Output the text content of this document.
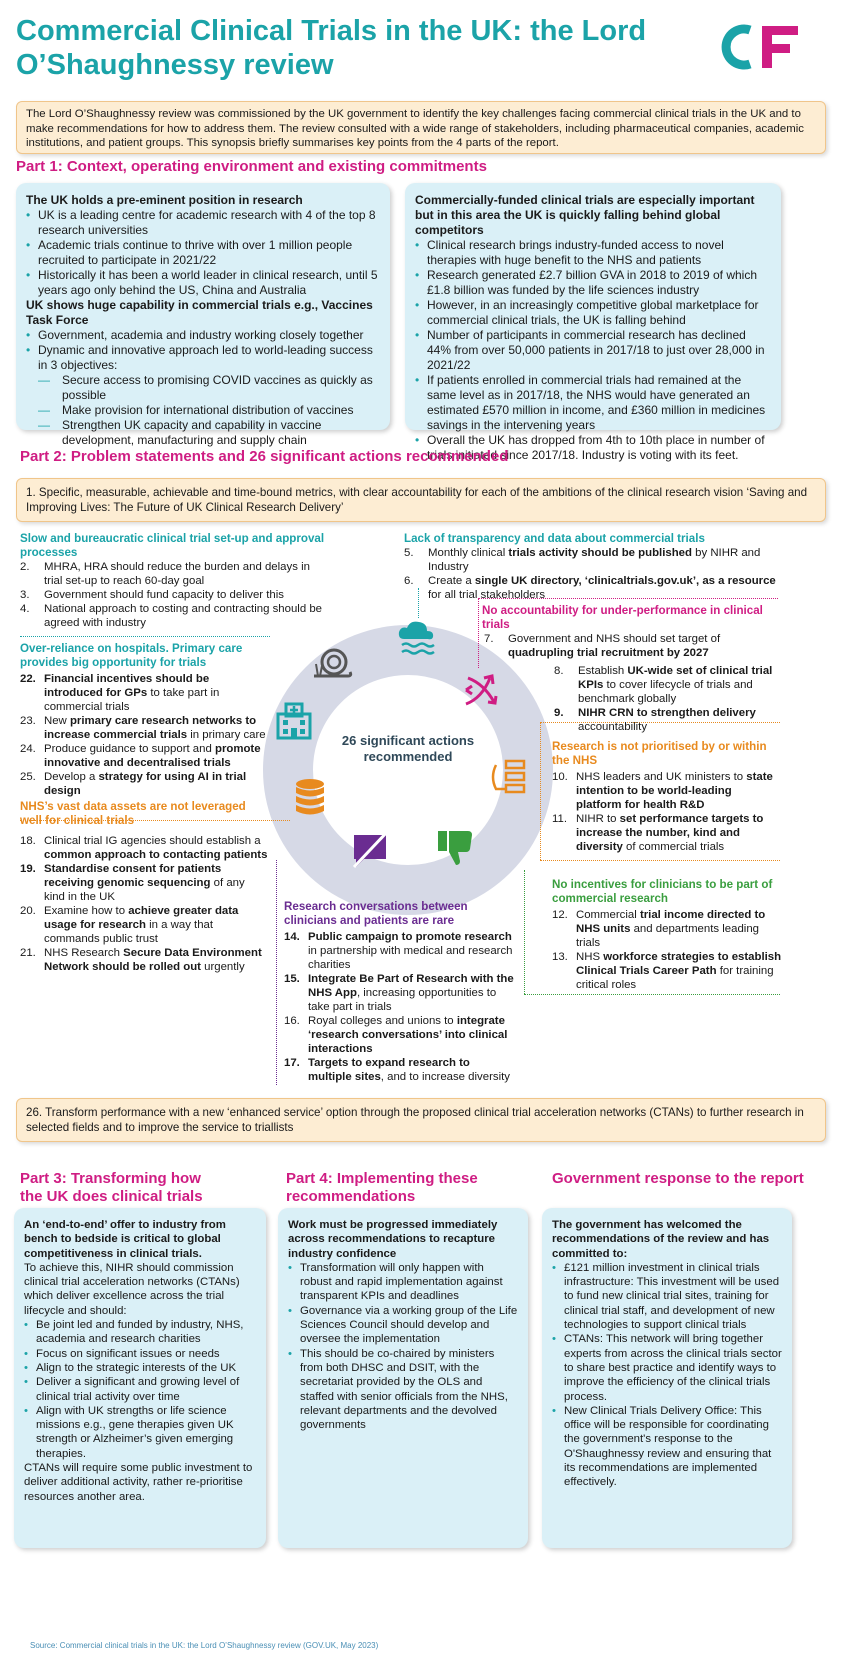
Commercial Clinical Trials in the UK: the Lord
O’Shaughnessy review
The Lord O’Shaughnessy review was commissioned by the UK government to identify the key challenges facing commercial clinical trials in the UK and to make recommendations for how to address them. The review consulted with a wide range of stakeholders, including pharmaceutical companies, academic institutions, and patient groups. This synopsis briefly summarises key points from the 4 parts of the report.
Part 1: Context, operating environment and existing commitments
The UK holds a pre-eminent position in research
• UK is a leading centre for academic research with 4 of the top 8 research universities
• Academic trials continue to thrive with over 1 million people recruited to participate in 2021/22
• Historically it has been a world leader in clinical research, until 5 years ago only behind the US, China and Australia
UK shows huge capability in commercial trials e.g., Vaccines Task Force
• Government, academia and industry working closely together
• Dynamic and innovative approach led to world-leading success in 3 objectives:
— Secure access to promising COVID vaccines as quickly as possible
— Make provision for international distribution of vaccines
— Strengthen UK capacity and capability in vaccine development, manufacturing and supply chain
Commercially-funded clinical trials are especially important but in this area the UK is quickly falling behind global competitors
• Clinical research brings industry-funded access to novel therapies with huge benefit to the NHS and patients
• Research generated £2.7 billion GVA in 2018 to 2019 of which £1.8 billion was funded by the life sciences industry
• However, in an increasingly competitive global marketplace for commercial clinical trials, the UK is falling behind
• Number of participants in commercial research has declined 44% from over 50,000 patients in 2017/18 to just over 28,000 in 2021/22
• If patients enrolled in commercial trials had remained at the same level as in 2017/18, the NHS would have generated an estimated £570 million in income, and £360 million in medicines savings in the intervening years
• Overall the UK has dropped from 4th to 10th place in number of trials initiated since 2017/18. Industry is voting with its feet.
Part 2: Problem statements and 26 significant actions recommended
1. Specific, measurable, achievable and time-bound metrics, with clear accountability for each of the ambitions of the clinical research vision ‘Saving and Improving Lives: The Future of UK Clinical Research Delivery’
26 significant actions recommended
Slow and bureaucratic clinical trial set-up and approval processes
2.	MHRA, HRA should reduce the burden and delays in trial set-up to reach 60-day goal
3.	Government should fund capacity to deliver this
4.	National approach to costing and contracting should be agreed with industry
Lack of transparency and data about commercial trials
5.	Monthly clinical trials activity should be published by NIHR and Industry
6.	Create a single UK directory, ‘clinicaltrials.gov.uk’, as a resource for all trial stakeholders
No accountability for under-performance in clinical trials
7.	Government and NHS should set target of quadrupling trial recruitment by 2027
8.	Establish UK-wide set of clinical trial KPIs to cover lifecycle of trials and benchmark globally
9.	NIHR CRN to strengthen delivery accountability
Over-reliance on hospitals. Primary care provides big opportunity for trials
22. Financial incentives should be introduced for GPs to take part in commercial trials
23. New primary care research networks to increase commercial trials in primary care
24. Produce guidance to support and promote innovative and decentralised trials
25. Develop a strategy for using AI in trial design
Research is not prioritised by or within the NHS
10. NHS leaders and UK ministers to state intention to be world-leading platform for health R&D
11. NIHR to set performance targets to increase the number, kind and diversity of commercial trials
NHS’s vast data assets are not leveraged well for clinical trials
18. Clinical trial IG agencies should establish a common approach to contacting patients
19. Standardise consent for patients receiving genomic sequencing of any kind in the UK
20. Examine how to achieve greater data usage for research in a way that commands public trust
21. NHS Research Secure Data Environment Network should be rolled out urgently
No incentives for clinicians to be part of commercial research
12. Commercial trial income directed to NHS units and departments leading trials
13. NHS workforce strategies to establish Clinical Trials Career Path for training critical roles
Research conversations between clinicians and patients are rare
14. Public campaign to promote research in partnership with medical and research charities
15. Integrate Be Part of Research with the NHS App, increasing opportunities to take part in trials
16. Royal colleges and unions to integrate ‘research conversations’ into clinical interactions
17. Targets to expand research to multiple sites, and to increase diversity
26. Transform performance with a new ‘enhanced service’ option through the proposed clinical trial acceleration networks (CTANs) to further research in selected fields and to improve the service to triallists
Part 3: Transforming how
the UK does clinical trials
An ‘end-to-end’ offer to industry from bench to bedside is critical to global competitiveness in clinical trials.
To achieve this, NIHR should commission clinical trial acceleration networks (CTANs) which deliver excellence across the trial lifecycle and should:
• Be joint led and funded by industry, NHS, academia and research charities
• Focus on significant issues or needs
• Align to the strategic interests of the UK
• Deliver a significant and growing level of clinical trial activity over time
• Align with UK strengths or life science missions e.g., gene therapies given UK strength or Alzheimer’s given emerging therapies.
CTANs will require some public investment to deliver additional activity, rather re-prioritise resources another area.
Part 4: Implementing these
recommendations
Work must be progressed immediately across recommendations to recapture industry confidence
• Transformation will only happen with robust and rapid implementation against transparent KPIs and deadlines
• Governance via a working group of the Life Sciences Council should develop and oversee the implementation
• This should be co-chaired by ministers from both DHSC and DSIT, with the secretariat provided by the OLS and staffed with senior officials from the NHS, relevant departments and the devolved governments
Government response to the report
The government has welcomed the recommendations of the review and has committed to:
• £121 million investment in clinical trials infrastructure: This investment will be used to fund new clinical trial sites, training for clinical trial staff, and development of new technologies to support clinical trials
• CTANs: This network will bring together experts from across the clinical trials sector to share best practice and identify ways to improve the efficiency of the clinical trials process.
• New Clinical Trials Delivery Office: This office will be responsible for coordinating the government's response to the O'Shaughnessy review and ensuring that its recommendations are implemented effectively.
Source: Commercial clinical trials in the UK: the Lord O’Shaughnessy review (GOV.UK, May 2023)
